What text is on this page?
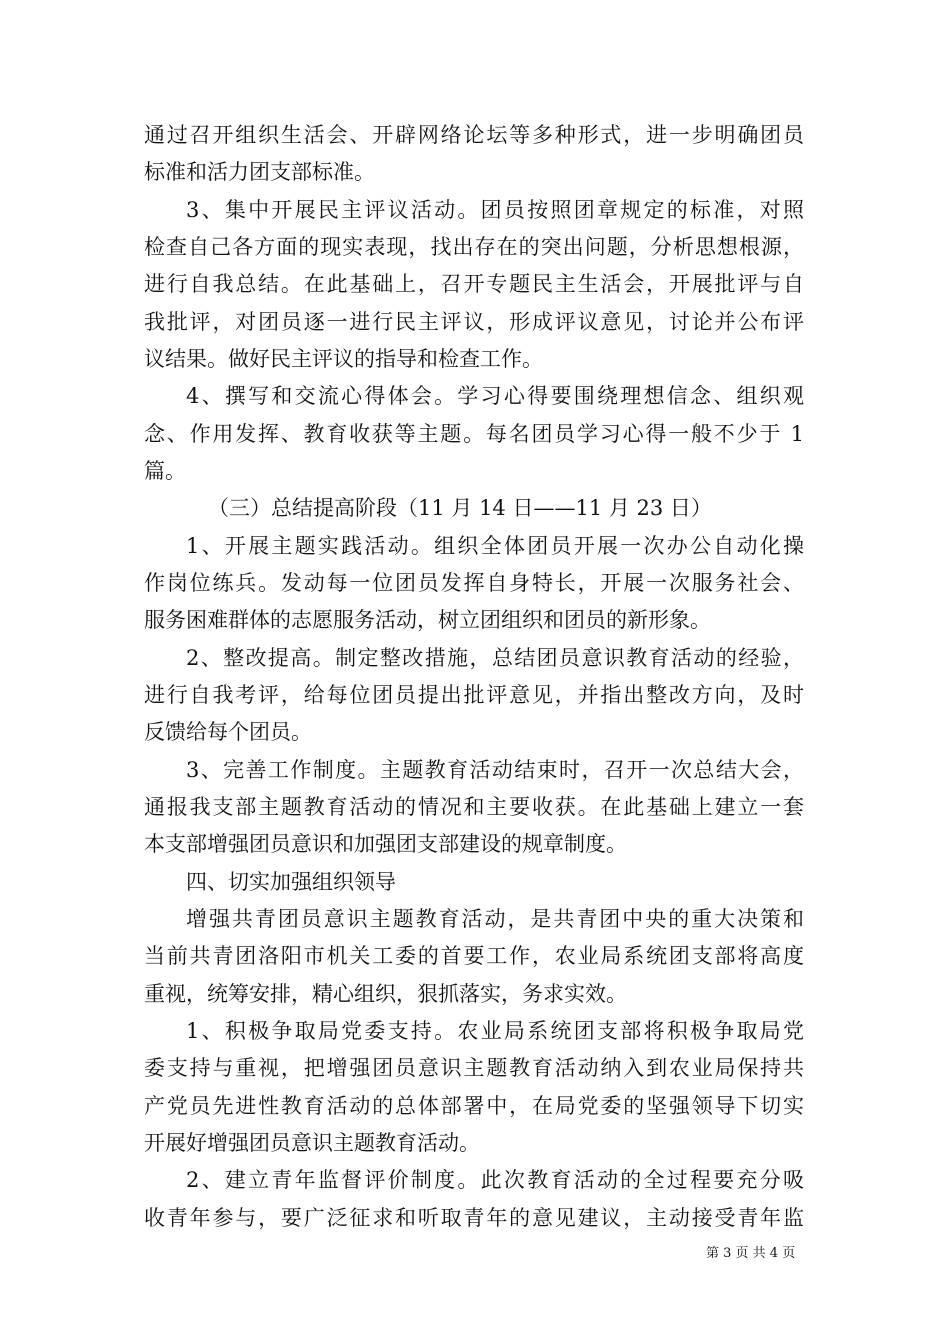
通过召开组织生活会、开辟网络论坛等多种形式，进一步明确团员

标准和活力团支部标准。

3、集中开展民主评议活动。团员按照团章规定的标准，对照

检查自己各方面的现实表现，找出存在的突出问题，分析思想根源，

进行自我总结。在此基础上，召开专题民主生活会，开展批评与自

我批评，对团员逐一进行民主评议，形成评议意见，讨论并公布评

议结果。做好民主评议的指导和检查工作。

4、撰写和交流心得体会。学习心得要围绕理想信念、组织观

念、作用发挥、教育收获等主题。每名团员学习心得一般不少于 1

篇。

（三）总结提高阶段（11 月 14 日——11 月 23 日）

1、开展主题实践活动。组织全体团员开展一次办公自动化操

作岗位练兵。发动每一位团员发挥自身特长，开展一次服务社会、

服务困难群体的志愿服务活动，树立团组织和团员的新形象。

2、整改提高。制定整改措施，总结团员意识教育活动的经验，

进行自我考评，给每位团员提出批评意见，并指出整改方向，及时

反馈给每个团员。

3、完善工作制度。主题教育活动结束时，召开一次总结大会，

通报我支部主题教育活动的情况和主要收获。在此基础上建立一套

本支部增强团员意识和加强团支部建设的规章制度。

四、切实加强组织领导

增强共青团员意识主题教育活动，是共青团中央的重大决策和

当前共青团洛阳市机关工委的首要工作，农业局系统团支部将高度

重视，统筹安排，精心组织，狠抓落实，务求实效。

1、积极争取局党委支持。农业局系统团支部将积极争取局党

委支持与重视，把增强团员意识主题教育活动纳入到农业局保持共

产党员先进性教育活动的总体部署中，在局党委的坚强领导下切实

开展好增强团员意识主题教育活动。

2、建立青年监督评价制度。此次教育活动的全过程要充分吸

收青年参与，要广泛征求和听取青年的意见建议，主动接受青年监

第 3 页 共 4 页
